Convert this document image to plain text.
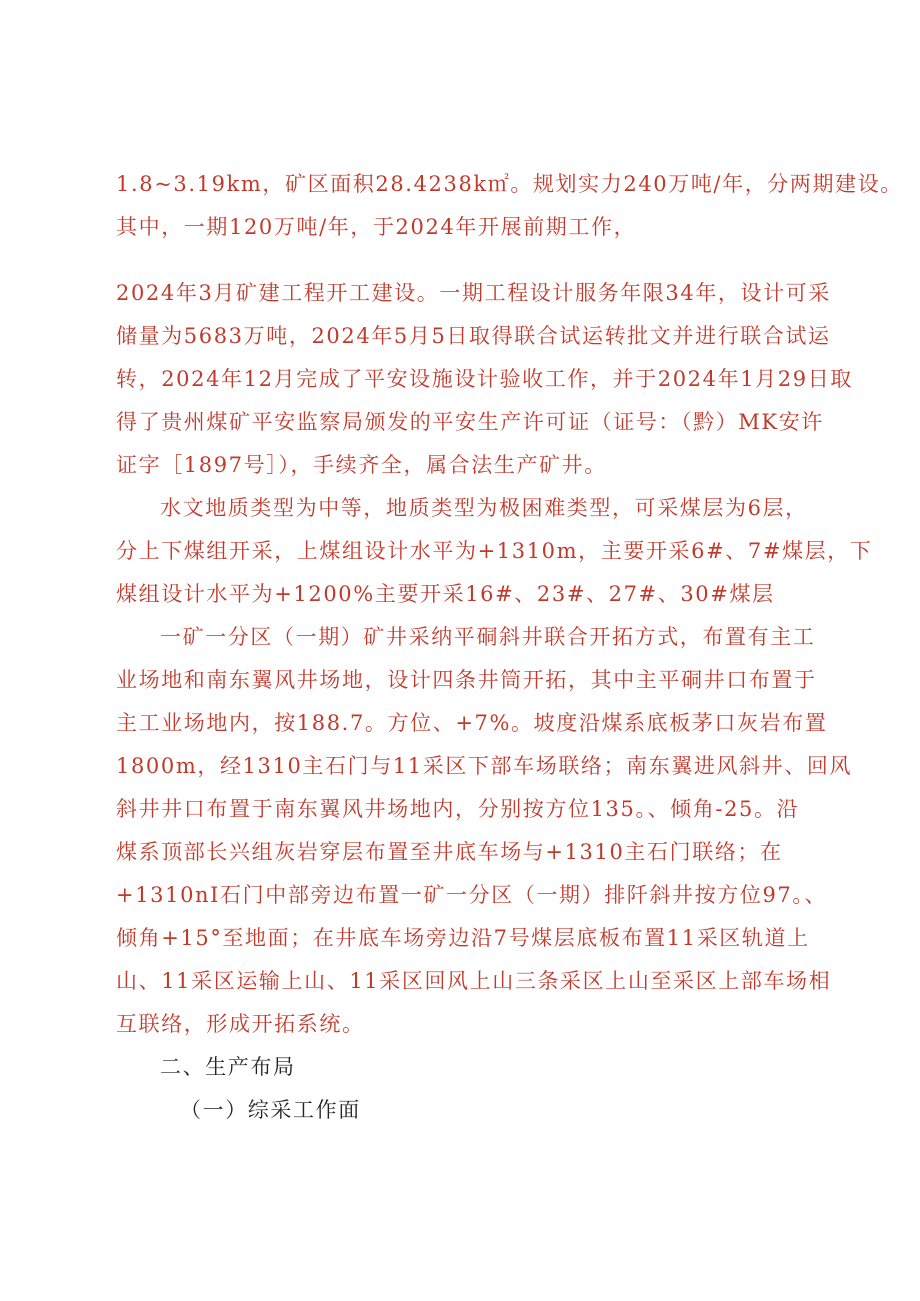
1.8~3.19km，矿区面积28.4238k㎡。规划实力240万吨/年，分两期建设。
其中，一期120万吨/年，于2024年开展前期工作，
2024年3月矿建工程开工建设。一期工程设计服务年限34年，设计可采
储量为5683万吨，2024年5月5日取得联合试运转批文并进行联合试运
转，2024年12月完成了平安设施设计验收工作，并于2024年1月29日取
得了贵州煤矿平安监察局颁发的平安生产许可证（证号：（黔）MK安许
证字［1897号］），手续齐全，属合法生产矿井。
水文地质类型为中等，地质类型为极困难类型，可采煤层为6层，
分上下煤组开采，上煤组设计水平为+1310m，主要开采6#、7#煤层，下
煤组设计水平为+1200%主要开采16#、23#、27#、30#煤层
一矿一分区（一期）矿井采纳平硐斜井联合开拓方式，布置有主工
业场地和南东翼风井场地，设计四条井筒开拓，其中主平硐井口布置于
主工业场地内，按188.7。方位、+7%。坡度沿煤系底板茅口灰岩布置
1800m，经1310主石门与11采区下部车场联络；南东翼进风斜井、回风
斜井井口布置于南东翼风井场地内，分别按方位135。、倾角-25。沿
煤系顶部长兴组灰岩穿层布置至井底车场与+1310主石门联络；在
+1310nI石门中部旁边布置一矿一分区（一期）排阡斜井按方位97。、
倾角+15°至地面；在井底车场旁边沿7号煤层底板布置11采区轨道上
山、11采区运输上山、11采区回风上山三条采区上山至采区上部车场相
互联络，形成开拓系统。
二、生产布局
（一）综采工作面
